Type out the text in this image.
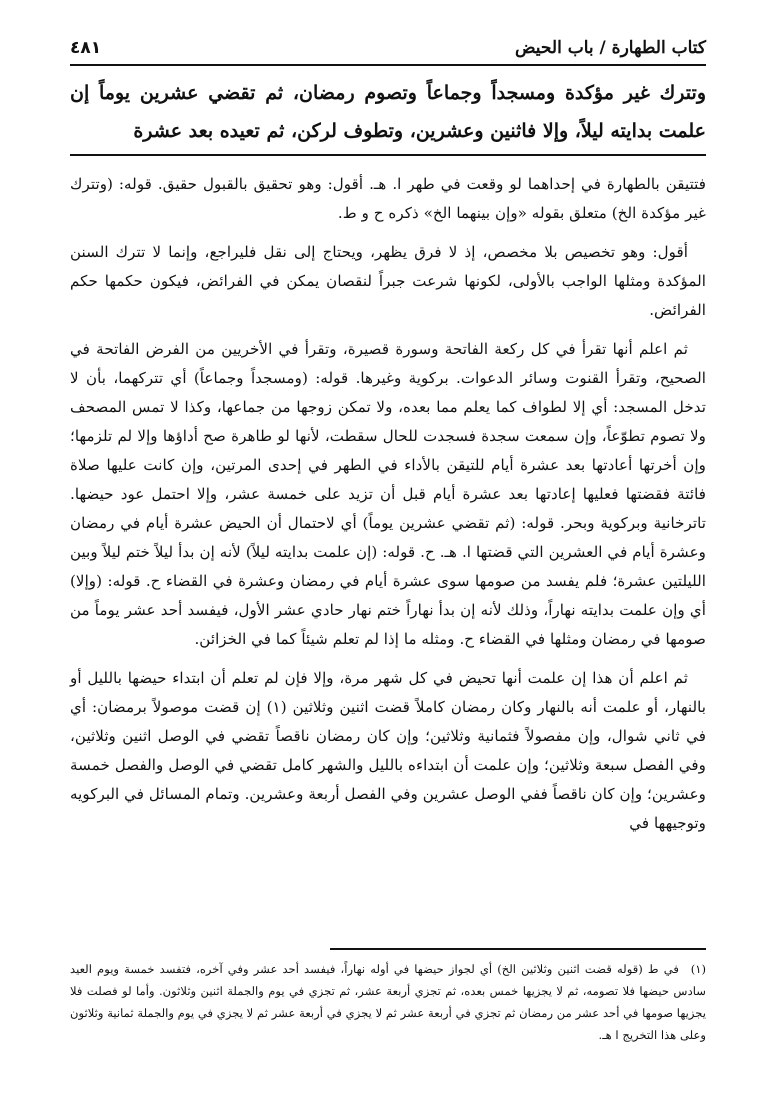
كتاب الطهارة / باب الحيض
٤٨١
وتترك غير مؤكدة ومسجداً وجماعاً وتصوم رمضان، ثم تقضي عشرين يوماً إن علمت بدايته ليلاً، وإلا فاثنين وعشرين، وتطوف لركن، ثم تعيده بعد عشرة

فتتيقن بالطهارة في إحداهما لو وقعت في طهر ا. هـ. أقول: وهو تحقيق بالقبول حقيق. قوله: (وتترك غير مؤكدة الخ) متعلق بقوله «وإن بينهما الخ» ذكره ح و ط.

أقول: وهو تخصيص بلا مخصص، إذ لا فرق يظهر، ويحتاج إلى نقل فليراجع، وإنما لا تترك السنن المؤكدة ومثلها الواجب بالأولى، لكونها شرعت جبراً لنقصان يمكن في الفرائض، فيكون حكمها حكم الفرائض.

ثم اعلم أنها تقرأ في كل ركعة الفاتحة وسورة قصيرة، وتقرأ في الأخريين من الفرض الفاتحة في الصحيح، وتقرأ القنوت وسائر الدعوات. بركوية وغيرها. قوله: (ومسجداً وجماعاً) أي تتركهما، بأن لا تدخل المسجد: أي إلا لطواف كما يعلم مما بعده، ولا تمكن زوجها من جماعها، وكذا لا تمس المصحف ولا تصوم تطوّعاً، وإن سمعت سجدة فسجدت للحال سقطت، لأنها لو طاهرة صح أداؤها وإلا لم تلزمها؛ وإن أخرتها أعادتها بعد عشرة أيام للتيقن بالأداء في الطهر في إحدى المرتين، وإن كانت عليها صلاة فائتة فقضتها فعليها إعادتها بعد عشرة أيام قبل أن تزيد على خمسة عشر، وإلا احتمل عود حيضها. تاترخانية وبركوية وبحر. قوله: (ثم تقضي عشرين يوماً) أي لاحتمال أن الحيض عشرة أيام في رمضان وعشرة أيام في العشرين التي قضتها ا. هـ. ح. قوله: (إن علمت بدايته ليلاً) لأنه إن بدأ ليلاً ختم ليلاً وبين الليلتين عشرة؛ فلم يفسد من صومها سوى عشرة أيام في رمضان وعشرة في القضاء ح. قوله: (وإلا) أي وإن علمت بدايته نهاراً، وذلك لأنه إن بدأ نهاراً ختم نهار حادي عشر الأول، فيفسد أحد عشر يوماً من صومها في رمضان ومثلها في القضاء ح. ومثله ما إذا لم تعلم شيئاً كما في الخزائن.

ثم اعلم أن هذا إن علمت أنها تحيض في كل شهر مرة، وإلا فإن لم تعلم أن ابتداء حيضها بالليل أو بالنهار، أو علمت أنه بالنهار وكان رمضان كاملاً قضت اثنين وثلاثين (١) إن قضت موصولاً برمضان: أي في ثاني شوال، وإن مفصولاً فثمانية وثلاثين؛ وإن كان رمضان ناقصاً تقضي في الوصل اثنين وثلاثين، وفي الفصل سبعة وثلاثين؛ وإن علمت أن ابتداءه بالليل والشهر كامل تقضي في الوصل والفصل خمسة وعشرين؛ وإن كان ناقصاً ففي الوصل عشرين وفي الفصل أربعة وعشرين. وتمام المسائل في البركويه وتوجيهها في

(١) في ط (قوله قضت اثنين وثلاثين الخ) أي لجواز حيضها في أوله نهاراً، فيفسد أحد عشر وفي آخره، فتفسد خمسة ويوم العيد سادس حيضها فلا تصومه، ثم لا يجزيها خمس بعده، ثم تجزي أربعة عشر، ثم تجزي في يوم والجملة اثنين وثلاثون. وأما لو فصلت فلا يجزيها صومها في أحد عشر من رمضان ثم تجزي في أربعة عشر ثم لا يجزي في أربعة عشر ثم لا يجزي في يوم والجملة ثمانية وثلاثون وعلى هذا التخريج ا هـ.
